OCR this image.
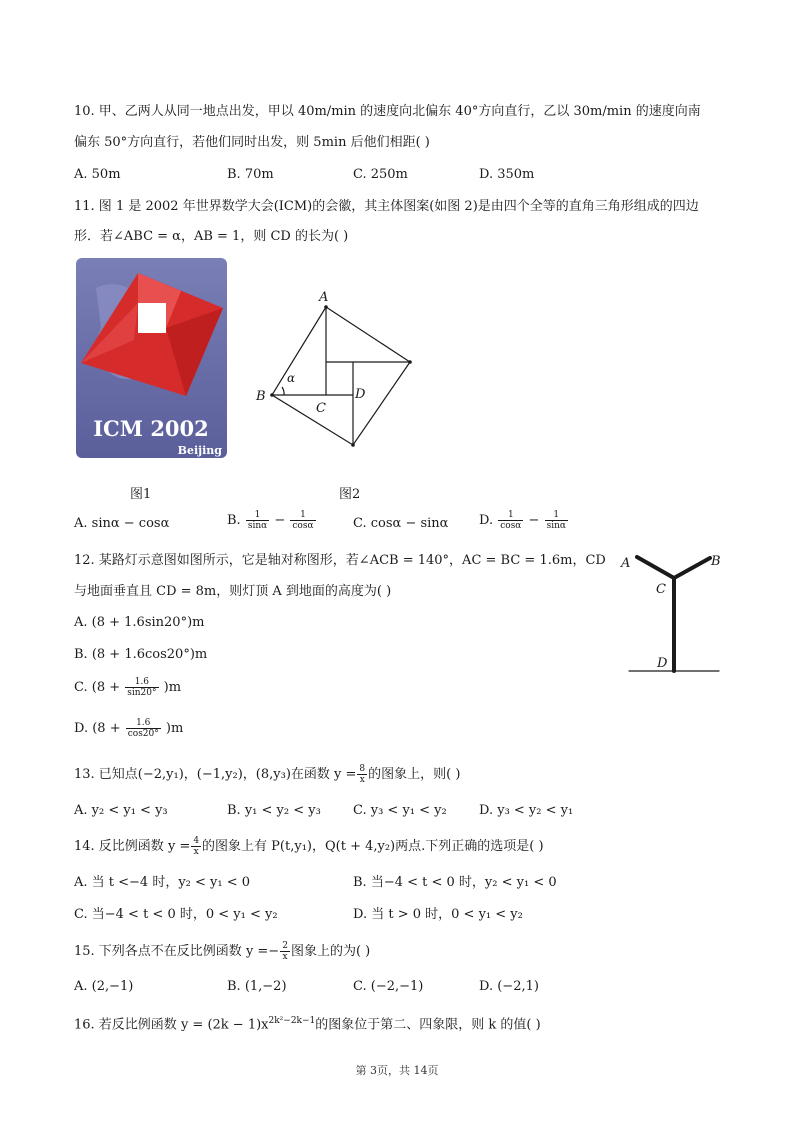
10. 甲、乙两人从同一地点出发，甲以 40m/min 的速度向北偏东 40°方向直行，乙以 30m/min 的速度向南
偏东 50°方向直行，若他们同时出发，则 5min 后他们相距( )
A. 50m	B. 70m	C. 250m	D. 350m
11. 图 1 是 2002 年世界数学大会(ICM)的会徽，其主体图案(如图 2)是由四个全等的直角三角形组成的四边
形．若∠ABC = α，AB = 1，则 CD 的长为( )
ICM 2002
Beijing
图1
A
B
C
D
α
图2
A. sinα − cosα	B. $\frac{1}{\sin\alpha} - \frac{1}{\cos\alpha}$	C. cosα − sinα D. $\frac{1}{\cos\alpha} - \frac{1}{\sin\alpha}$
12. 某路灯示意图如图所示，它是轴对称图形，若∠ACB = 140°，AC = BC = 1.6m，CD
与地面垂直且 CD = 8m，则灯顶 A 到地面的高度为( )
A. (8 + 1.6sin20°)m
B. (8 + 1.6cos20°)m
C. $(8 + \frac{1.6}{\sin 20^\circ} )m$
D. $(8 + \frac{1.6}{\cos 20^\circ} )m$
A	B
C
D
13. 已知点(−2,y₁)，(−1,y₂)，(8,y₃)在函数 $y = \frac{8}{x}$ 的图象上，则( )
A. y₂ < y₁ < y₃	B. y₁ < y₂ < y₃ C. y₃ < y₁ < y₂ D. y₃ < y₂ < y₁
14. 反比例函数 $y = \frac{4}{x}$ 的图象上有 P(t,y₁)，Q(t + 4,y₂)两点.下列正确的选项是( )
A. 当 t <−4 时，y₂ < y₁ < 0	B. 当−4 < t < 0 时，y₂ < y₁ < 0
C. 当−4 < t < 0 时，0 < y₁ < y₂	D. 当 t > 0 时，0 < y₁ < y₂
15. 下列各点不在反比例函数 $y =- \frac{2}{x}$ 图象上的为( )
A. (2,−1)	B. (1,−2)	C. (−2,−1)	D. (−2,1)
16. 若反比例函数 $y = (2k - 1)x^{2k^2-2k-1}$的图象位于第二、四象限，则 k 的值( )
第 3页，共 14页
